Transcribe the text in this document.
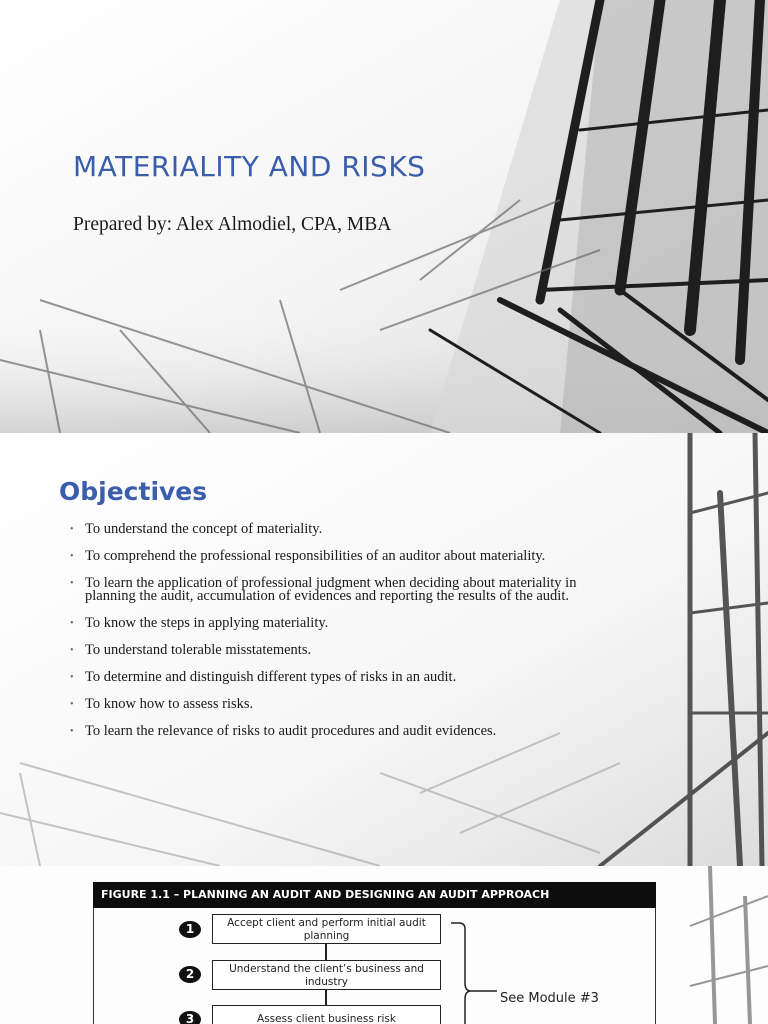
MATERIALITY AND RISKS
Prepared by: Alex Almodiel, CPA, MBA
Objectives
• To understand the concept of materiality.
• To comprehend the professional responsibilities of an auditor about materiality.
• To learn the application of professional judgment when deciding about materiality in planning the audit, accumulation of evidences and reporting the results of the audit.
• To know the steps in applying materiality.
• To understand tolerable misstatements.
• To determine and distinguish different types of risks in an audit.
• To know how to assess risks.
• To learn the relevance of risks to audit procedures and audit evidences.
FIGURE 1.1 – PLANNING AN AUDIT AND DESIGNING AN AUDIT APPROACH
1	Accept client and perform initial audit planning
2	Understand the client’s business and industry
3	Assess client business risk
See Module #3
